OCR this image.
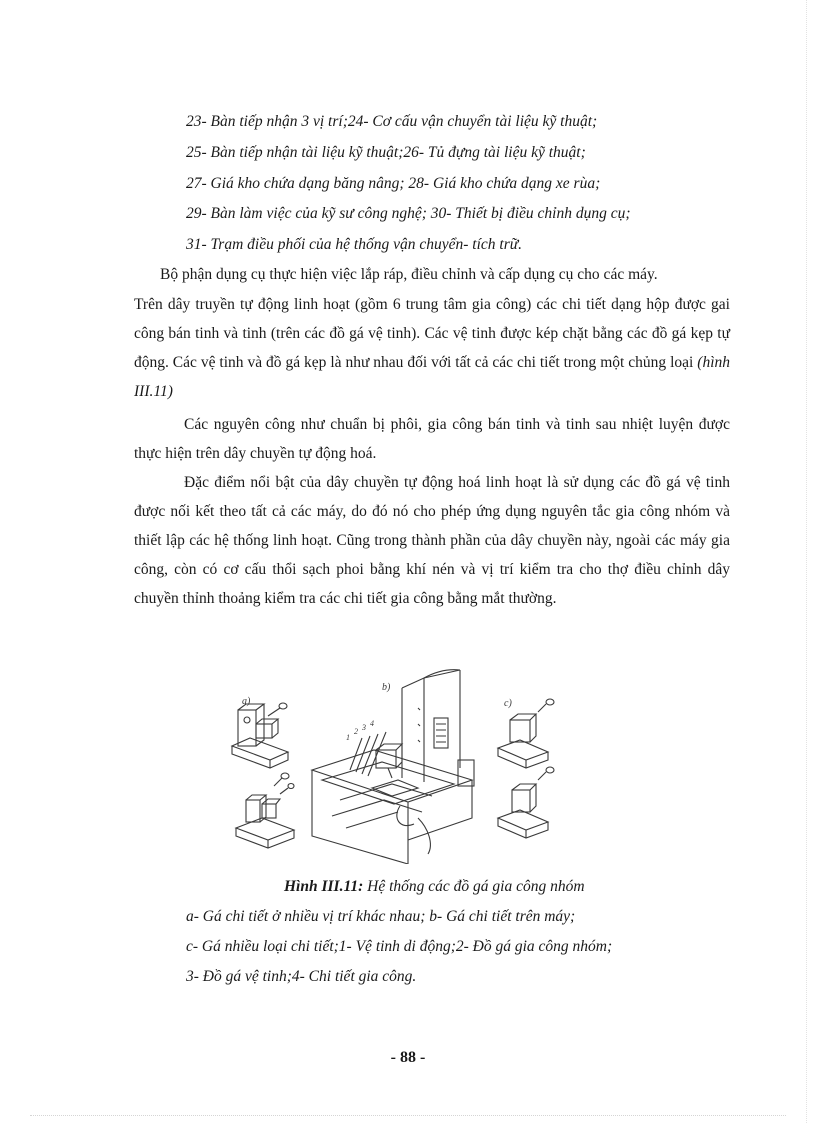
23- Bàn tiếp nhận 3 vị trí;24- Cơ cấu vận chuyển tài liệu kỹ thuật;
25- Bàn tiếp nhận tài liệu kỹ thuật;26- Tủ đựng tài liệu kỹ thuật;
27- Giá kho chứa dạng băng nâng; 28- Giá kho chứa dạng xe rùa;
29- Bàn làm việc của kỹ sư công nghệ; 30- Thiết bị điều chỉnh dụng cụ;
31- Trạm điều phối của hệ thống vận chuyển- tích trữ.
Bộ phận dụng cụ thực hiện việc lắp ráp, điều chỉnh và cấp dụng cụ cho các máy.
Trên dây truyền tự động linh hoạt (gồm 6 trung tâm gia công) các chi tiết dạng hộp được gai công bán tinh và tinh (trên các đồ gá vệ tinh). Các vệ tinh được kép chặt bằng các đồ gá kẹp tự động. Các vệ tinh và đồ gá kẹp là như nhau đối với tất cả các chi tiết trong một chủng loại (hình III.11)
Các nguyên công như chuẩn bị phôi, gia công bán tinh và tinh sau nhiệt luyện được thực hiện trên dây chuyền tự động hoá.
Đặc điểm nổi bật của dây chuyền tự động hoá linh hoạt là sử dụng các đồ gá vệ tinh được nối kết theo tất cả các máy, do đó nó cho phép ứng dụng nguyên tắc gia công nhóm và thiết lập các hệ thống linh hoạt. Cũng trong thành phần của dây chuyền này, ngoài các máy gia công, còn có cơ cấu thổi sạch phoi bằng khí nén và vị trí kiểm tra cho thợ điều chỉnh dây chuyền thỉnh thoảng kiểm tra các chi tiết gia công bằng mắt thường.
a)
b)
c)
1
2 3 4
Hình III.11: Hệ thống các đồ gá gia công nhóm
a- Gá chi tiết ở nhiều vị trí khác nhau; b- Gá chi tiết trên máy;
c- Gá nhiều loại chi tiết;1- Vệ tinh di động;2- Đồ gá gia công nhóm;
3- Đồ gá vệ tinh;4- Chi tiết gia công.
- 88 -
